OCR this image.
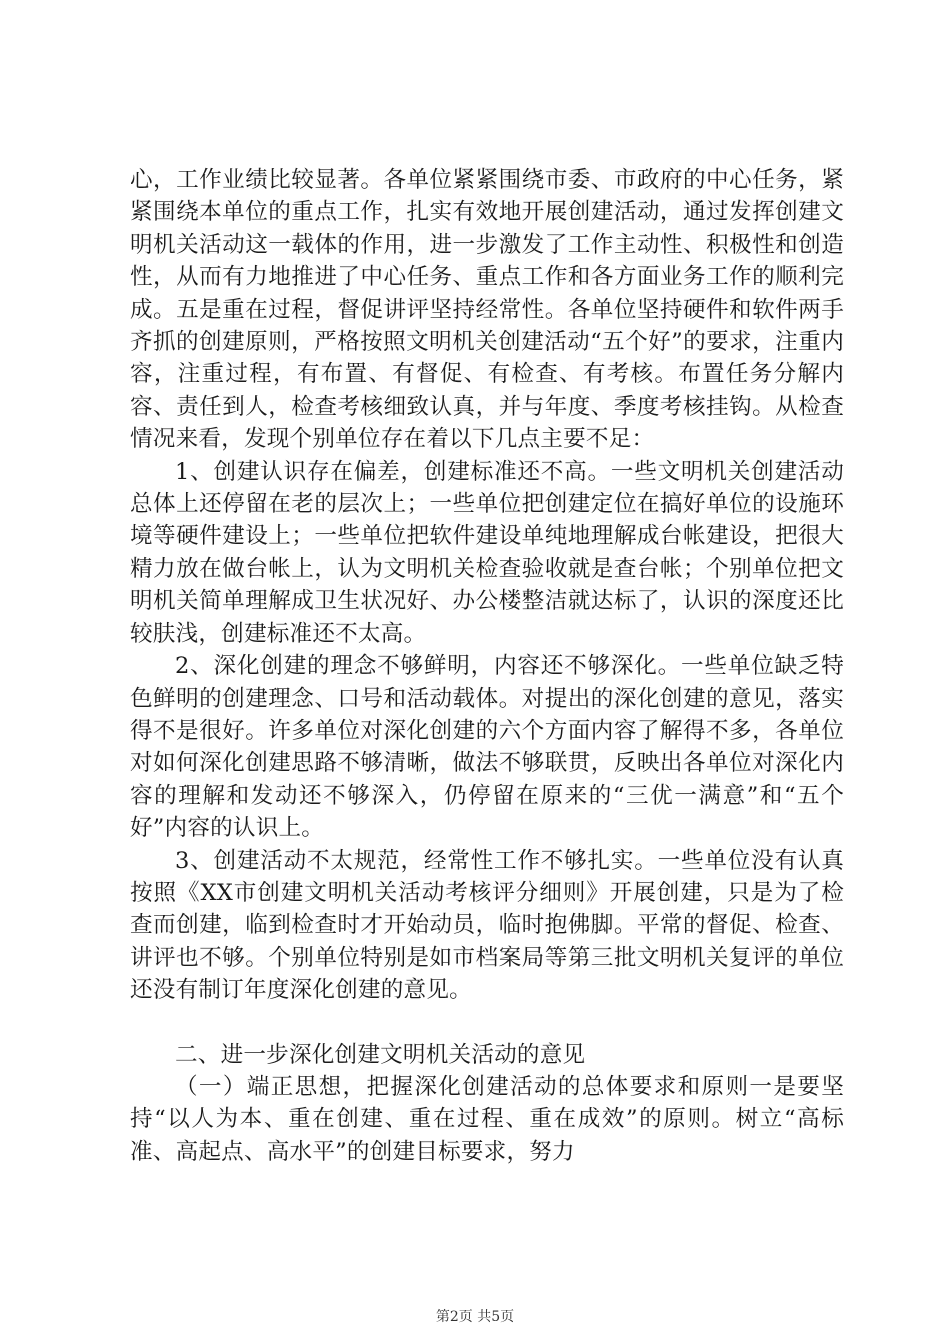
心，工作业绩比较显著。各单位紧紧围绕市委、市政府的中心任务，紧紧围绕本单位的重点工作，扎实有效地开展创建活动，通过发挥创建文明机关活动这一载体的作用，进一步激发了工作主动性、积极性和创造性，从而有力地推进了中心任务、重点工作和各方面业务工作的顺利完成。五是重在过程，督促讲评坚持经常性。各单位坚持硬件和软件两手齐抓的创建原则，严格按照文明机关创建活动“五个好”的要求，注重内容，注重过程，有布置、有督促、有检查、有考核。布置任务分解内容、责任到人，检查考核细致认真，并与年度、季度考核挂钩。从检查情况来看，发现个别单位存在着以下几点主要不足：

1、创建认识存在偏差，创建标准还不高。一些文明机关创建活动总体上还停留在老的层次上；一些单位把创建定位在搞好单位的设施环境等硬件建设上；一些单位把软件建设单纯地理解成台帐建设，把很大精力放在做台帐上，认为文明机关检查验收就是查台帐；个别单位把文明机关简单理解成卫生状况好、办公楼整洁就达标了，认识的深度还比较肤浅，创建标准还不太高。

2、深化创建的理念不够鲜明，内容还不够深化。一些单位缺乏特色鲜明的创建理念、口号和活动载体。对提出的深化创建的意见，落实得不是很好。许多单位对深化创建的六个方面内容了解得不多，各单位对如何深化创建思路不够清晰，做法不够联贯，反映出各单位对深化内容的理解和发动还不够深入，仍停留在原来的“三优一满意”和“五个好”内容的认识上。

3、创建活动不太规范，经常性工作不够扎实。一些单位没有认真按照《XX市创建文明机关活动考核评分细则》开展创建，只是为了检查而创建，临到检查时才开始动员，临时抱佛脚。平常的督促、检查、讲评也不够。个别单位特别是如市档案局等第三批文明机关复评的单位还没有制订年度深化创建的意见。

二、进一步深化创建文明机关活动的意见

（一）端正思想，把握深化创建活动的总体要求和原则一是要坚持“以人为本、重在创建、重在过程、重在成效”的原则。树立“高标准、高起点、高水平”的创建目标要求，努力

第2页 共5页
